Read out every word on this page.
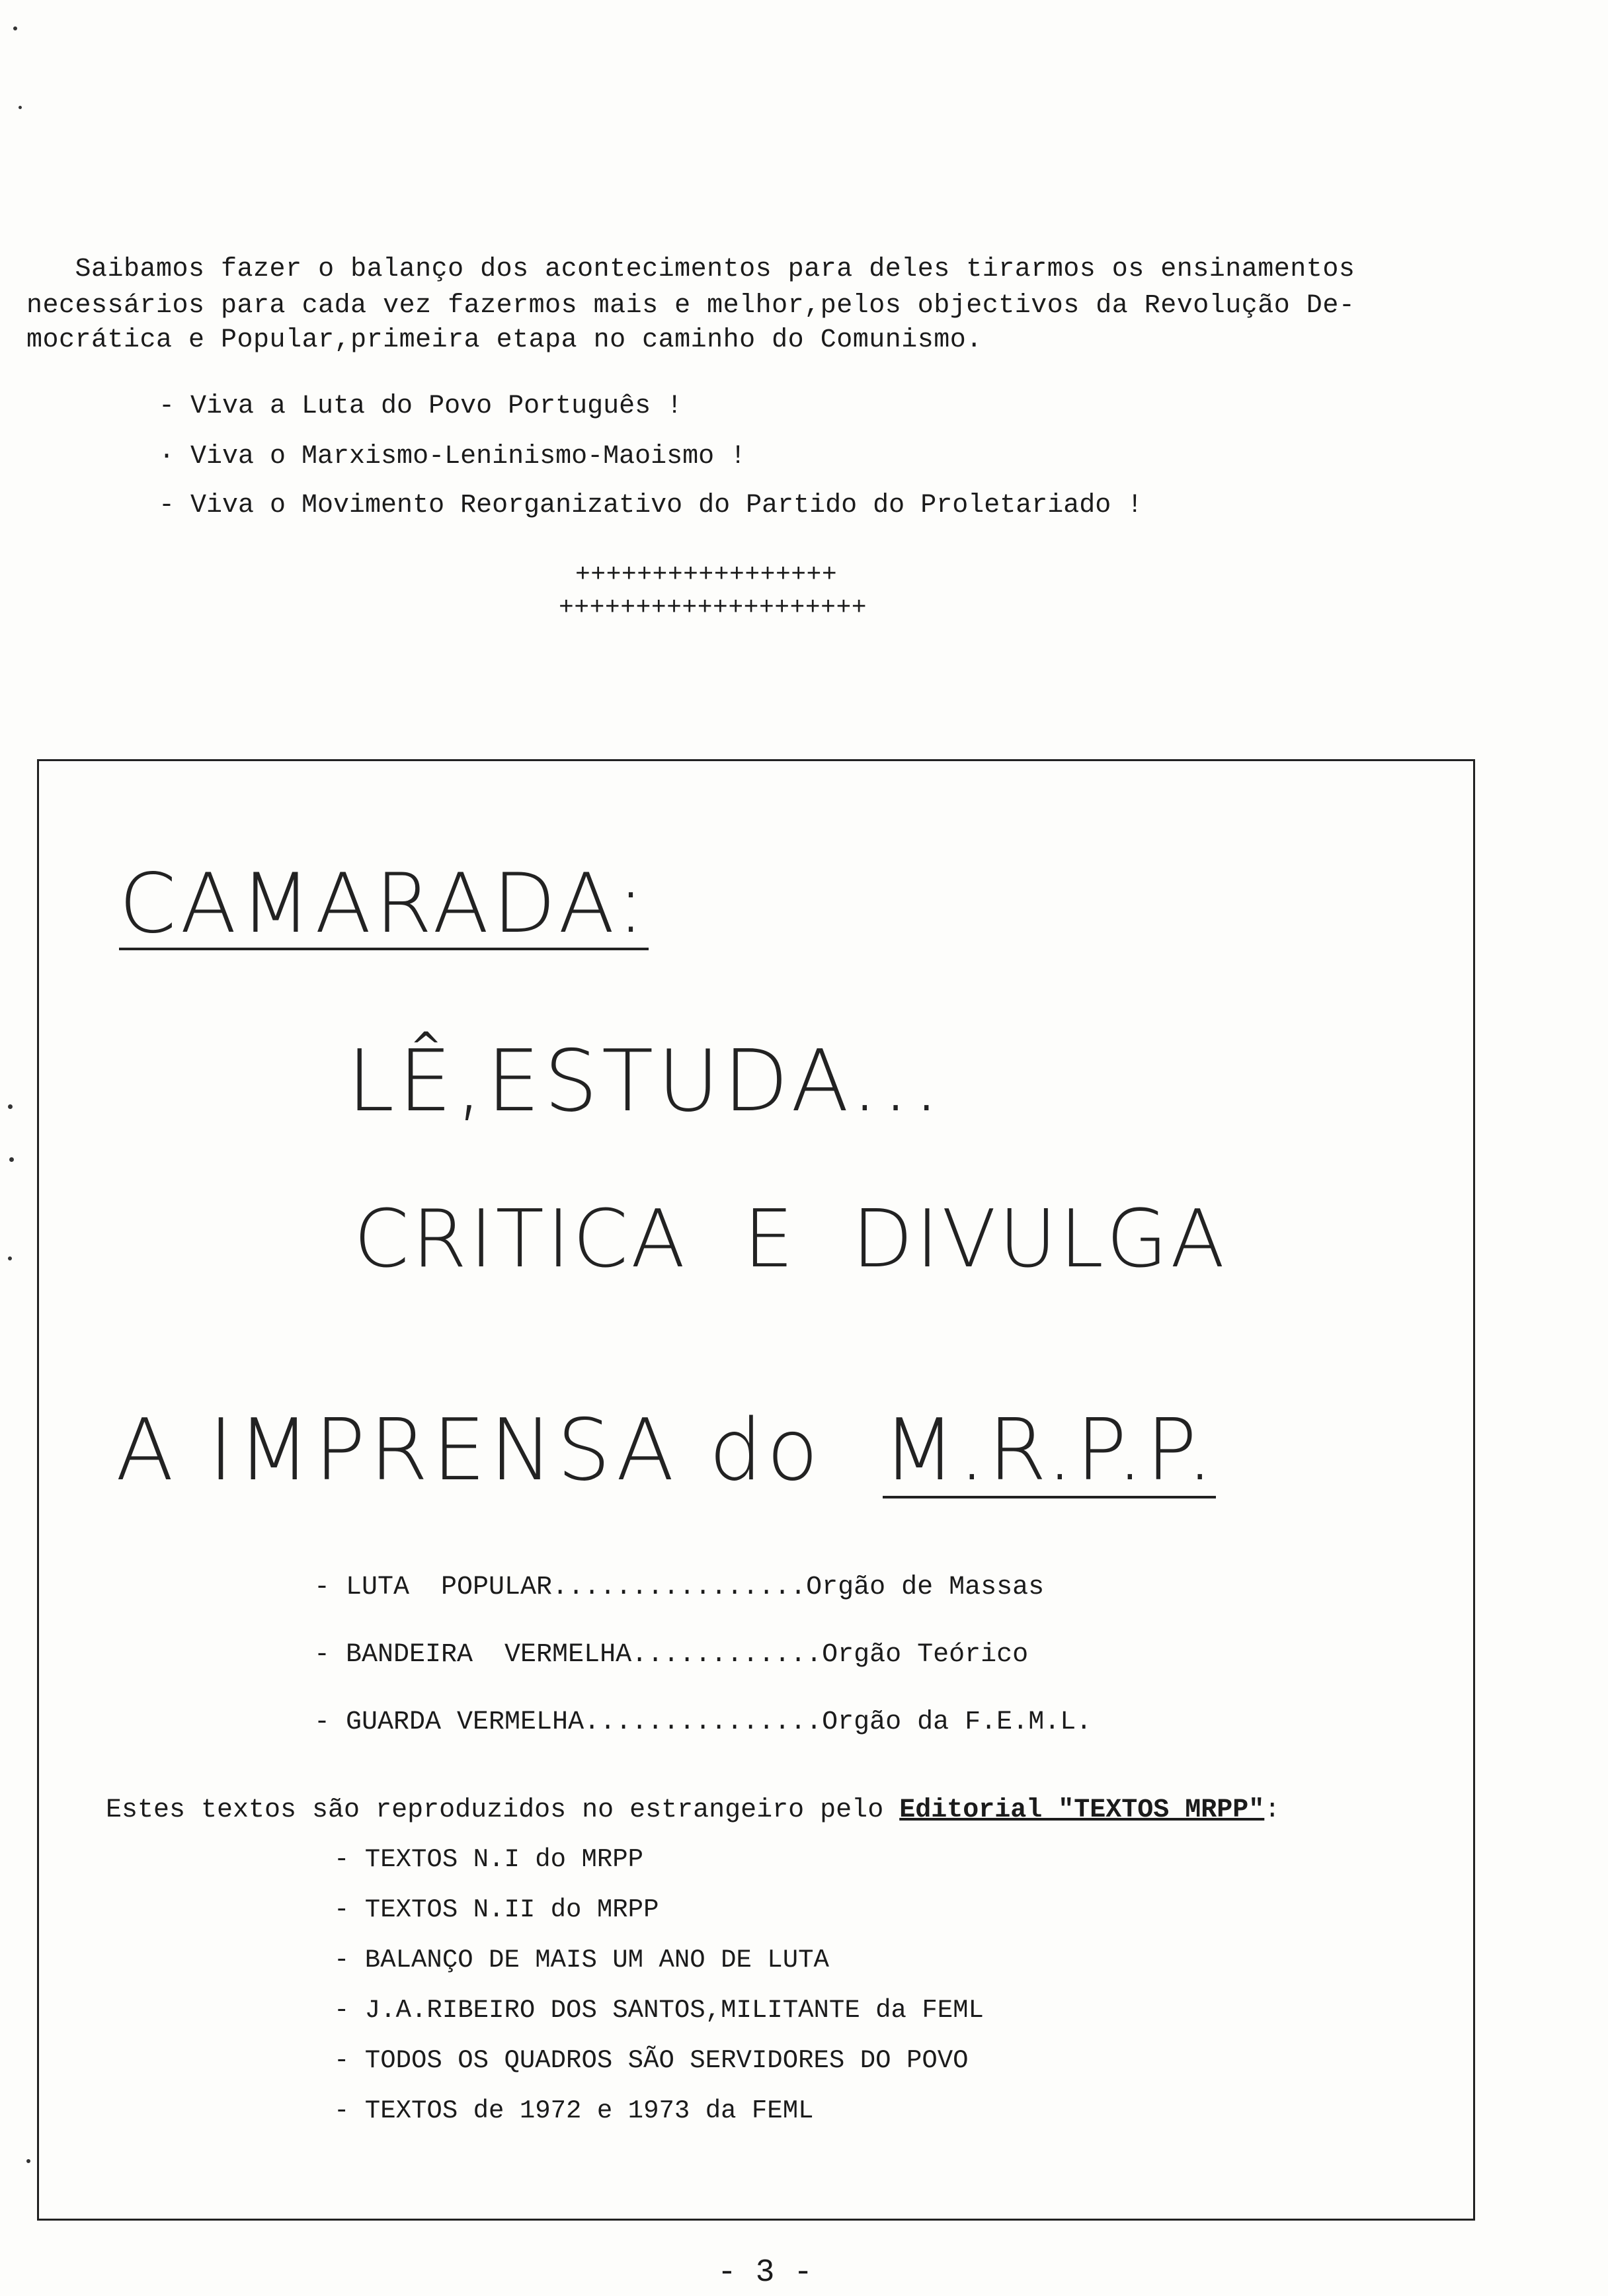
Saibamos fazer o balanço dos acontecimentos para deles tirarmos os ensinamentos
necessários para cada vez fazermos mais e melhor,pelos objectivos da Revolução De-
mocrática e Popular,primeira etapa no caminho do Comunismo.
- Viva a Luta do Povo Português !
· Viva o Marxismo-Leninismo-Maoismo !
- Viva o Movimento Reorganizativo do Partido do Proletariado !
+++++++++++++++++
++++++++++++++++++++
CAMARADA:
LÊ,ESTUDA...
CRITICA  E  DIVULGA
A IMPRENSA do M.R.P.P.
- LUTA  POPULAR................Orgão de Massas
- BANDEIRA  VERMELHA............Orgão Teórico
- GUARDA VERMELHA...............Orgão da F.E.M.L.
Estes textos são reproduzidos no estrangeiro pelo Editorial "TEXTOS MRPP":
- TEXTOS N.I do MRPP
- TEXTOS N.II do MRPP
- BALANÇO DE MAIS UM ANO DE LUTA
- J.A.RIBEIRO DOS SANTOS,MILITANTE da FEML
- TODOS OS QUADROS SÃO SERVIDORES DO POVO
- TEXTOS de 1972 e 1973 da FEML
- 3 -
